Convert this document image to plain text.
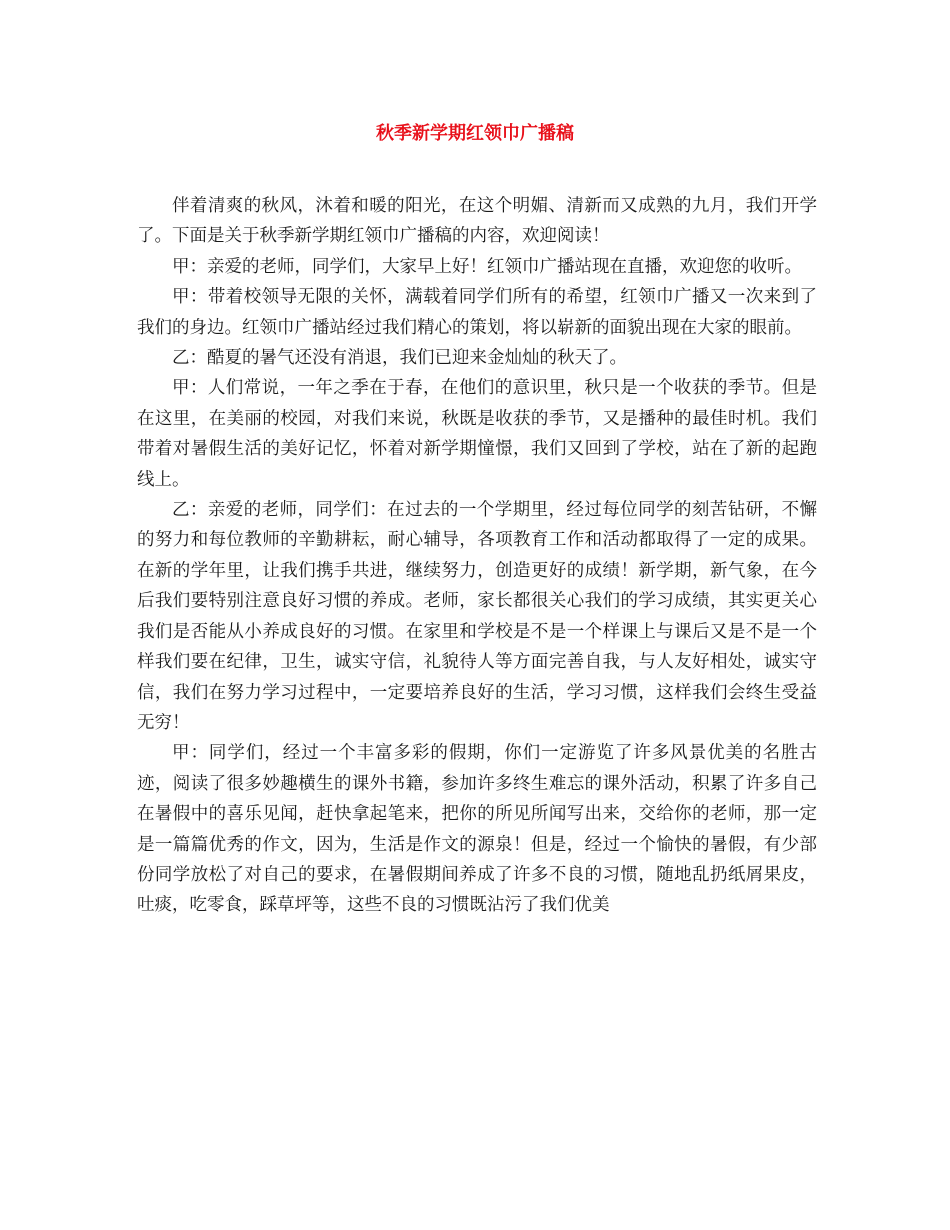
秋季新学期红领巾广播稿

伴着清爽的秋风，沐着和暖的阳光，在这个明媚、清新而又成熟的九月，我们开学了。下面是关于秋季新学期红领巾广播稿的内容，欢迎阅读！

甲：亲爱的老师，同学们，大家早上好！红领巾广播站现在直播，欢迎您的收听。

甲：带着校领导无限的关怀，满载着同学们所有的希望，红领巾广播又一次来到了我们的身边。红领巾广播站经过我们精心的策划，将以崭新的面貌出现在大家的眼前。

乙：酷夏的暑气还没有消退，我们已迎来金灿灿的秋天了。

甲：人们常说，一年之季在于春，在他们的意识里，秋只是一个收获的季节。但是在这里，在美丽的校园，对我们来说，秋既是收获的季节，又是播种的最佳时机。我们带着对暑假生活的美好记忆，怀着对新学期憧憬，我们又回到了学校，站在了新的起跑线上。

乙：亲爱的老师，同学们：在过去的一个学期里，经过每位同学的刻苦钻研，不懈的努力和每位教师的辛勤耕耘，耐心辅导，各项教育工作和活动都取得了一定的成果。在新的学年里，让我们携手共进，继续努力，创造更好的成绩！新学期，新气象，在今后我们要特别注意良好习惯的养成。老师，家长都很关心我们的学习成绩，其实更关心我们是否能从小养成良好的习惯。在家里和学校是不是一个样课上与课后又是不是一个样我们要在纪律，卫生，诚实守信，礼貌待人等方面完善自我，与人友好相处，诚实守信，我们在努力学习过程中，一定要培养良好的生活，学习习惯，这样我们会终生受益无穷！

甲：同学们，经过一个丰富多彩的假期，你们一定游览了许多风景优美的名胜古迹，阅读了很多妙趣横生的课外书籍，参加许多终生难忘的课外活动，积累了许多自己在暑假中的喜乐见闻，赶快拿起笔来，把你的所见所闻写出来，交给你的老师，那一定是一篇篇优秀的作文，因为，生活是作文的源泉！但是，经过一个愉快的暑假，有少部份同学放松了对自己的要求，在暑假期间养成了许多不良的习惯，随地乱扔纸屑果皮，吐痰，吃零食，踩草坪等，这些不良的习惯既沾污了我们优美
